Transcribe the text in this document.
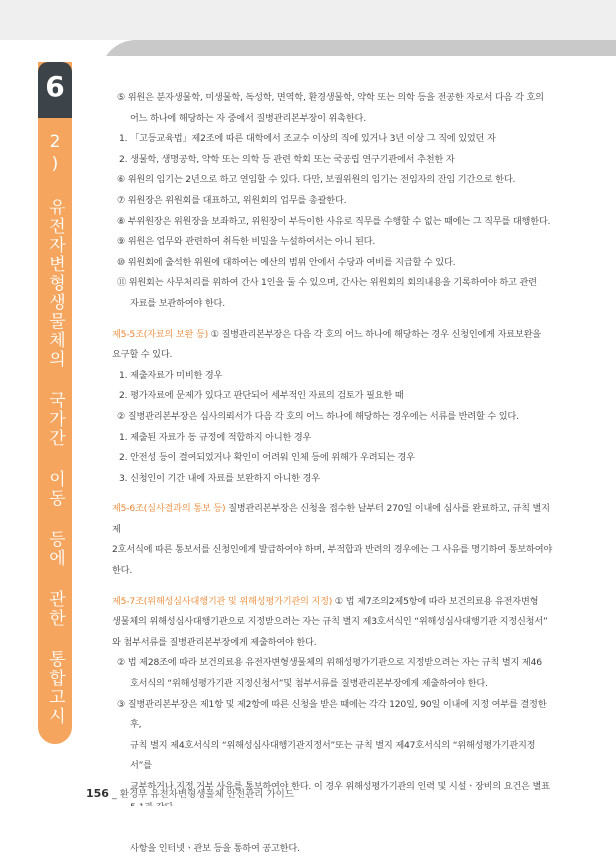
6
2) 유전자변형생물체의 국가간 이동 등에 관한 통합고시

⑤ 위원은 분자생물학, 미생물학, 독성학, 면역학, 환경생물학, 약학 또는 의학 등을 전공한 자로서 다음 각 호의
어느 하나에 해당하는 자 중에서 질병관리본부장이 위촉한다.

1. 「고등교육법」제2조에 따른 대학에서 조교수 이상의 직에 있거나 3년 이상 그 직에 있었던 자

2. 생물학, 생명공학, 약학 또는 의학 등 관련 학회 또는 국공립 연구기관에서 추천한 자

⑥ 위원의 임기는 2년으로 하고 연임할 수 있다. 다만, 보궐위원의 임기는 전임자의 잔임 기간으로 한다.

⑦ 위원장은 위원회를 대표하고, 위원회의 업무를 총괄한다.

⑧ 부위원장은 위원장을 보좌하고, 위원장이 부득이한 사유로 직무를 수행할 수 없는 때에는 그 직무를 대행한다.

⑨ 위원은 업무와 관련하여 취득한 비밀을 누설하여서는 아니 된다.

⑩ 위원회에 출석한 위원에 대하여는 예산의 범위 안에서 수당과 여비를 지급할 수 있다.

⑪ 위원회는 사무처리를 위하여 간사 1인을 둘 수 있으며, 간사는 위원회의 회의내용을 기록하여야 하고 관련
자료를 보관하여야 한다.

제5-5조(자료의 보완 등) ① 질병관리본부장은 다음 각 호의 어느 하나에 해당하는 경우 신청인에게 자료보완을
요구할 수 있다.

1. 제출자료가 미비한 경우

2. 평가자료에 문제가 있다고 판단되어 세부적인 자료의 검토가 필요한 때

② 질병관리본부장은 심사의뢰서가 다음 각 호의 어느 하나에 해당하는 경우에는 서류를 반려할 수 있다.

1. 제출된 자료가 동 규정에 적합하지 아니한 경우

2. 안전성 등이 결여되었거나 확인이 어려워 인체 등에 위해가 우려되는 경우

3. 신청인이 기간 내에 자료를 보완하지 아니한 경우

제5-6조(심사결과의 통보 등) 질병관리본부장은 신청을 접수한 날부터 270일 이내에 심사를 완료하고, 규칙 별지 제
2호서식에 따른 통보서를 신청인에게 발급하여야 하며, 부적합과 반려의 경우에는 그 사유를 명기하여 통보하여야
한다.

제5-7조(위해성심사대행기관 및 위해성평가기관의 지정) ① 법 제7조의2제5항에 따라 보건의료용 유전자변형
생물체의 위해성심사대행기관으로 지정받으려는 자는 규칙 별지 제3호서식인 “위해성심사대행기관 지정신청서”
와 첨부서류를 질병관리본부장에게 제출하여야 한다.

② 법 제28조에 따라 보건의료용 유전자변형생물체의 위해성평가기관으로 지정받으려는 자는 규칙 별지 제46
호서식의 “위해성평가기관 지정신청서”및 첨부서류를 질병관리본부장에게 제출하여야 한다.

③ 질병관리본부장은 제1항 및 제2항에 따른 신청을 받은 때에는 각각 120일, 90일 이내에 지정 여부를 결정한 후,
규칙 별지 제4호서식의 “위해성심사대행기관지정서”또는 규칙 별지 제47호서식의 “위해성평가기관지정서”를
교부하거나 지정 거부 사유를 통보하여야 한다. 이 경우 위해성평가기관의 인력 및 시설ㆍ장비의 요건은 별표

사항을 인터넷ㆍ관보 등을 통하여 공고한다.

156 _ 환경부 유전자변형생물체 안전관리 가이드
